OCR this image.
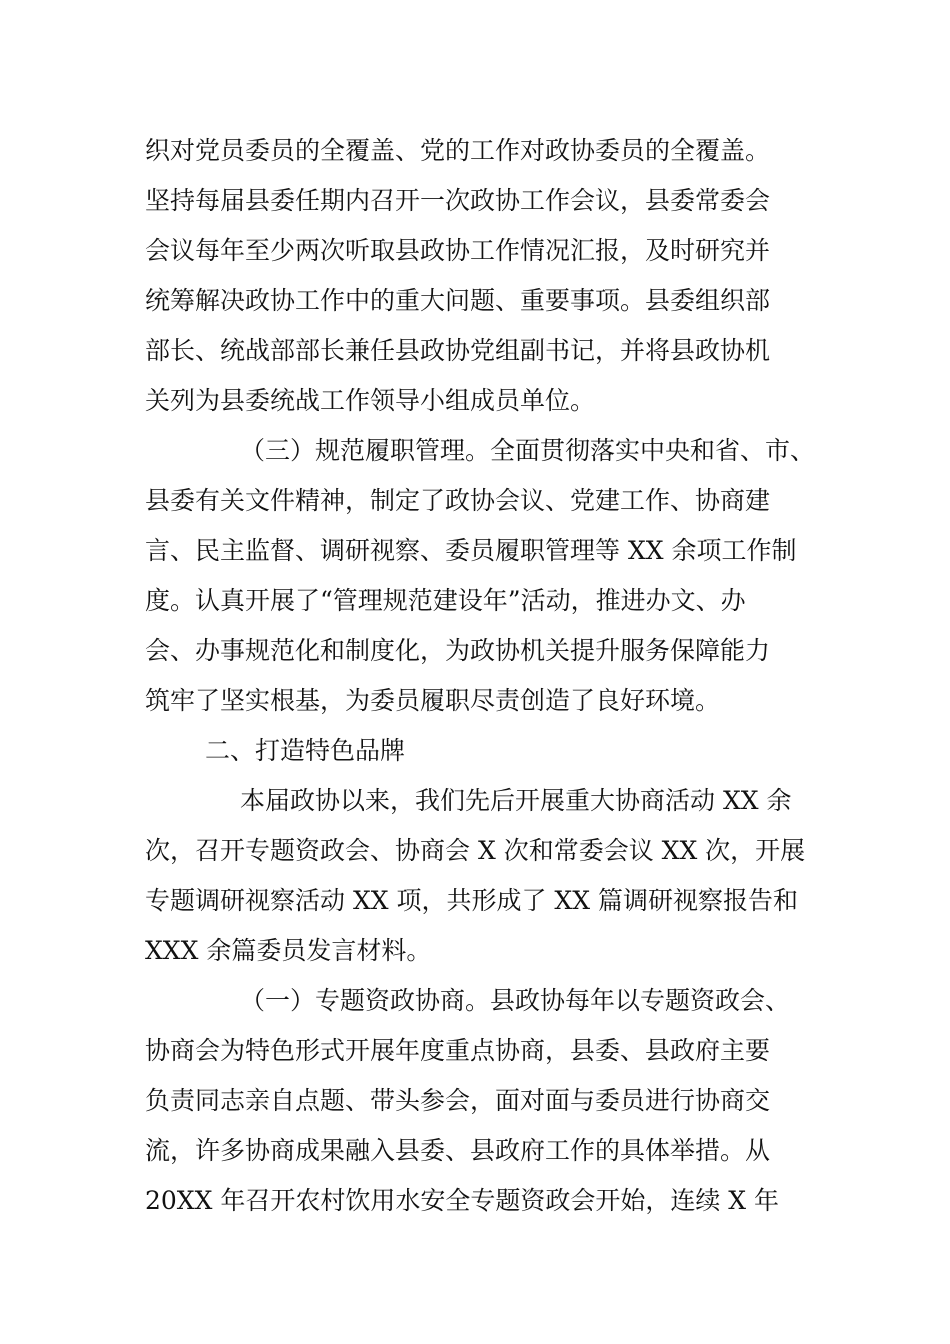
织对党员委员的全覆盖、党的工作对政协委员的全覆盖。
坚持每届县委任期内召开一次政协工作会议，县委常委会
会议每年至少两次听取县政协工作情况汇报，及时研究并
统筹解决政协工作中的重大问题、重要事项。县委组织部
部长、统战部部长兼任县政协党组副书记，并将县政协机
关列为县委统战工作领导小组成员单位。
（三）规范履职管理。全面贯彻落实中央和省、市、
县委有关文件精神，制定了政协会议、党建工作、协商建
言、民主监督、调研视察、委员履职管理等 XX 余项工作制
度。认真开展了“管理规范建设年”活动，推进办文、办
会、办事规范化和制度化，为政协机关提升服务保障能力
筑牢了坚实根基，为委员履职尽责创造了良好环境。
二、打造特色品牌
本届政协以来，我们先后开展重大协商活动 XX 余
次，召开专题资政会、协商会 X 次和常委会议 XX 次，开展
专题调研视察活动 XX 项，共形成了 XX 篇调研视察报告和
XXX 余篇委员发言材料。
（一）专题资政协商。县政协每年以专题资政会、
协商会为特色形式开展年度重点协商，县委、县政府主要
负责同志亲自点题、带头参会，面对面与委员进行协商交
流，许多协商成果融入县委、县政府工作的具体举措。从
20XX 年召开农村饮用水安全专题资政会开始，连续 X 年
